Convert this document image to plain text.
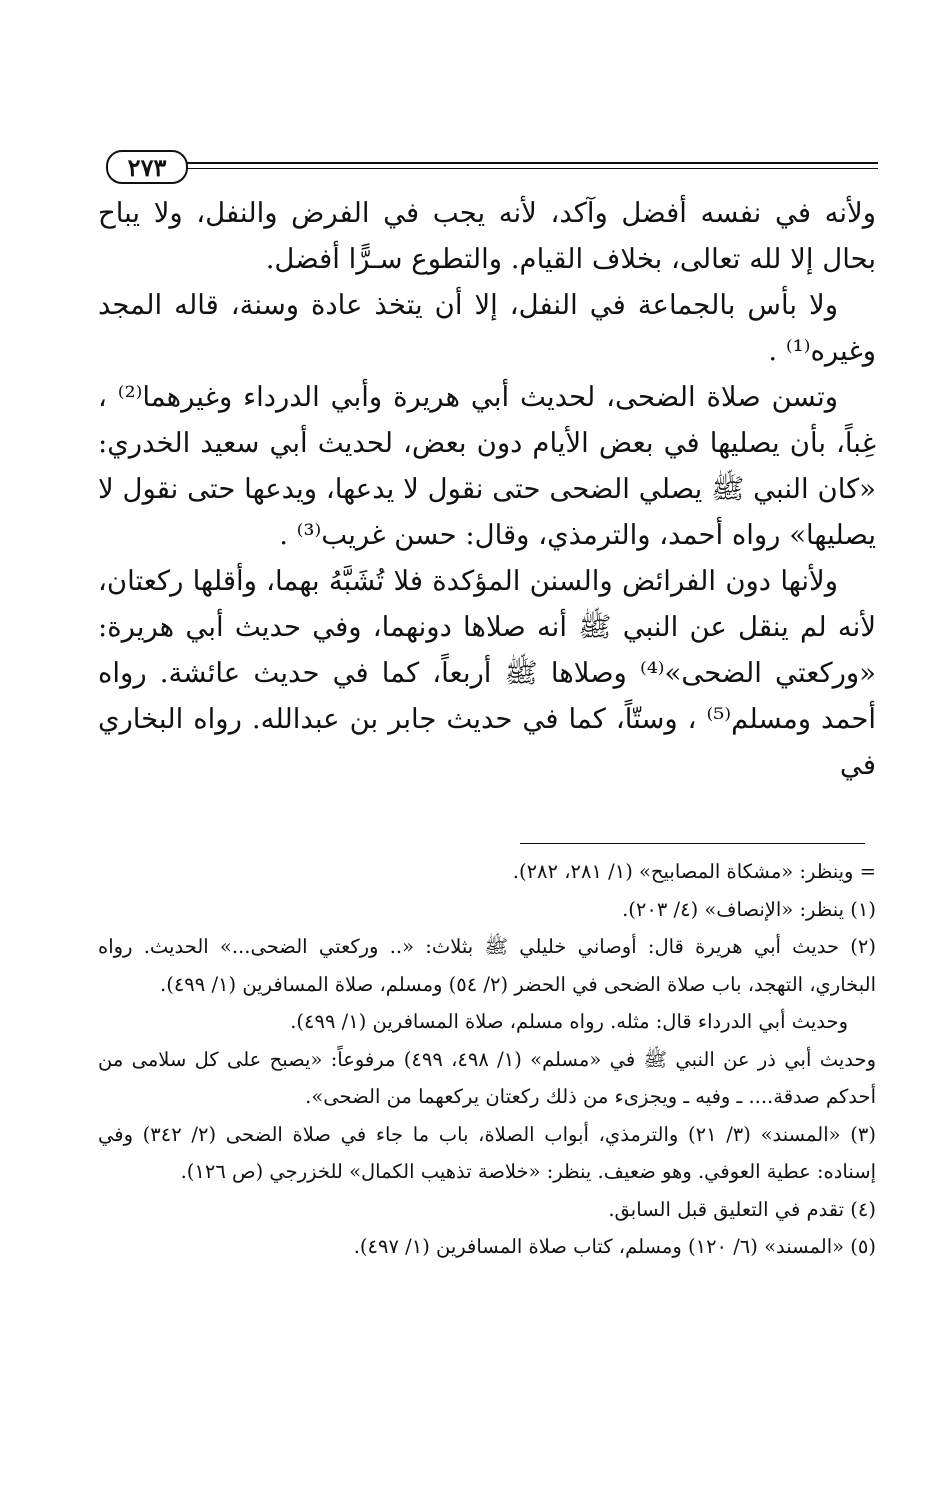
٢٧٣

ولأنه في نفسه أفضل وآكد، لأنه يجب في الفرض والنفل، ولا يباح بحال إلا لله تعالى، بخلاف القيام. والتطوع سـرًّا أفضل.

ولا بأس بالجماعة في النفل، إلا أن يتخذ عادة وسنة، قاله المجد وغيره⁽¹⁾ .

وتسن صلاة الضحى، لحديث أبي هريرة وأبي الدرداء وغيرهما⁽²⁾ ، غِباً، بأن يصليها في بعض الأيام دون بعض، لحديث أبي سعيد الخدري: «كان النبي ﷺ يصلي الضحى حتى نقول لا يدعها، ويدعها حتى نقول لا يصليها» رواه أحمد، والترمذي، وقال: حسن غريب⁽³⁾ .

ولأنها دون الفرائض والسنن المؤكدة فلا تُشَبَّهُ بهما، وأقلها ركعتان، لأنه لم ينقل عن النبي ﷺ أنه صلاها دونهما، وفي حديث أبي هريرة: «وركعتي الضحى»⁽⁴⁾ وصلاها ﷺ أربعاً، كما في حديث عائشة. رواه أحمد ومسلم⁽⁵⁾ ، وستّاً، كما في حديث جابر بن عبدالله. رواه البخاري في

= وينظر: «مشكاة المصابيح» (١/ ٢٨١، ٢٨٢).

(١) ينظر: «الإنصاف» (٤/ ٢٠٣).

(٢) حديث أبي هريرة قال: أوصاني خليلي ﷺ بثلاث: «.. وركعتي الضحى...» الحديث. رواه البخاري، التهجد، باب صلاة الضحى في الحضر (٢/ ٥٤) ومسلم، صلاة المسافرين (١/ ٤٩٩).

وحديث أبي الدرداء قال: مثله. رواه مسلم، صلاة المسافرين (١/ ٤٩٩).

وحديث أبي ذر عن النبي ﷺ في «مسلم» (١/ ٤٩٨، ٤٩٩) مرفوعاً: «يصبح على كل سلامى من أحدكم صدقة.... ـ وفيه ـ ويجزىء من ذلك ركعتان يركعهما من الضحى».

(٣) «المسند» (٣/ ٢١) والترمذي، أبواب الصلاة، باب ما جاء في صلاة الضحى (٢/ ٣٤٢) وفي إسناده: عطية العوفي. وهو ضعيف. ينظر: «خلاصة تذهيب الكمال» للخزرجي (ص ١٢٦).

(٤) تقدم في التعليق قبل السابق.

(٥) «المسند» (٦/ ١٢٠) ومسلم، كتاب صلاة المسافرين (١/ ٤٩٧).
